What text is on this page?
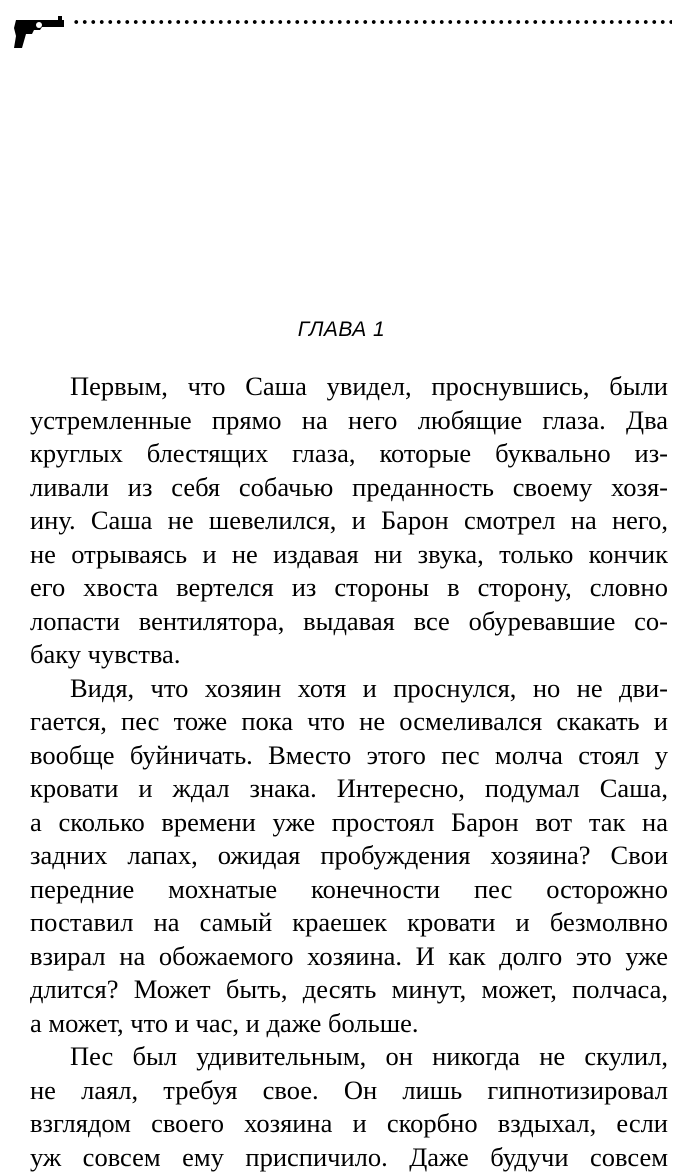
ГЛАВА 1
Первым, что Саша увидел, проснувшись, были
устремленные прямо на него любящие глаза. Два
круглых блестящих глаза, которые буквально из-
ливали из себя собачью преданность своему хозя-
ину. Саша не шевелился, и Барон смотрел на него,
не отрываясь и не издавая ни звука, только кончик
его хвоста вертелся из стороны в сторону, словно
лопасти вентилятора, выдавая все обуревавшие со-
баку чувства.
Видя, что хозяин хотя и проснулся, но не дви-
гается, пес тоже пока что не осмеливался скакать и
вообще буйничать. Вместо этого пес молча стоял у
кровати и ждал знака. Интересно, подумал Саша,
а сколько времени уже простоял Барон вот так на
задних лапах, ожидая пробуждения хозяина? Свои
передние мохнатые конечности пес осторожно
поставил на самый краешек кровати и безмолвно
взирал на обожаемого хозяина. И как долго это уже
длится? Может быть, десять минут, может, полчаса,
а может, что и час, и даже больше.
Пес был удивительным, он никогда не скулил,
не лаял, требуя свое. Он лишь гипнотизировал
взглядом своего хозяина и скорбно вздыхал, если
уж совсем ему приспичило. Даже будучи совсем
